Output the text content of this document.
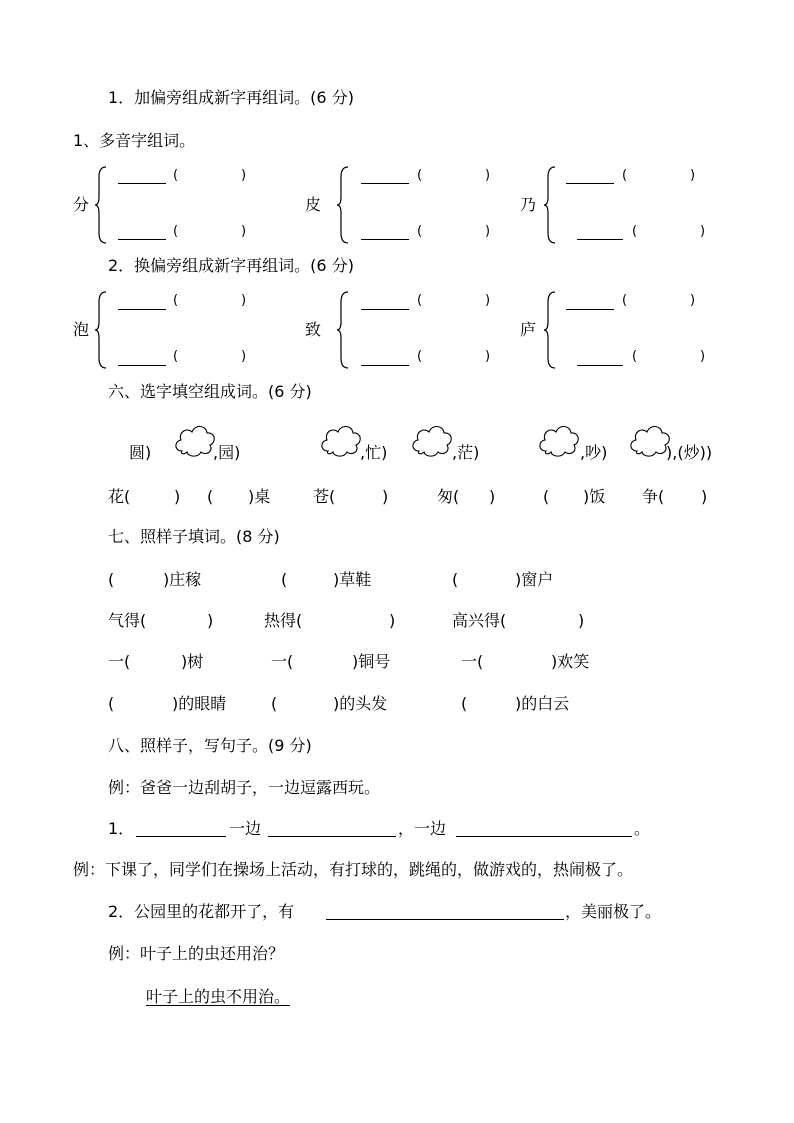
1．加偏旁组成新字再组词。(6 分)
1、多音字组词。
分
(	)
(	)
皮
(	)
(	)
乃
(	)
(	)
2．换偏旁组成新字再组词。(6 分)
泡
(	)
(	)
致
(	)
(	)
庐
(	)
(	)
六、选字填空组成词。(6 分)
圆)	,园)	,忙)	,茫)	,吵)	),(炒))
花(	) ( )桌	苍(	)	匆( )	( )饭 争( )
七、照样子填词。(8 分)
(	)庄稼	(	)草鞋	(	)窗户
气得(	)	热得(	)	高兴得(	)
一(	)树	一(	)铜号	一(	)欢笑
(	)的眼睛	(	)的头发	(	)的白云
八、照样子，写句子。(9 分)
例：爸爸一边刮胡子，一边逗露西玩。
1．	一边	，一边	。
例：下课了，同学们在操场上活动，有打球的，跳绳的，做游戏的，热闹极了。
2．公园里的花都开了，有	，美丽极了。
例：叶子上的虫还用治？
叶子上的虫不用治。
